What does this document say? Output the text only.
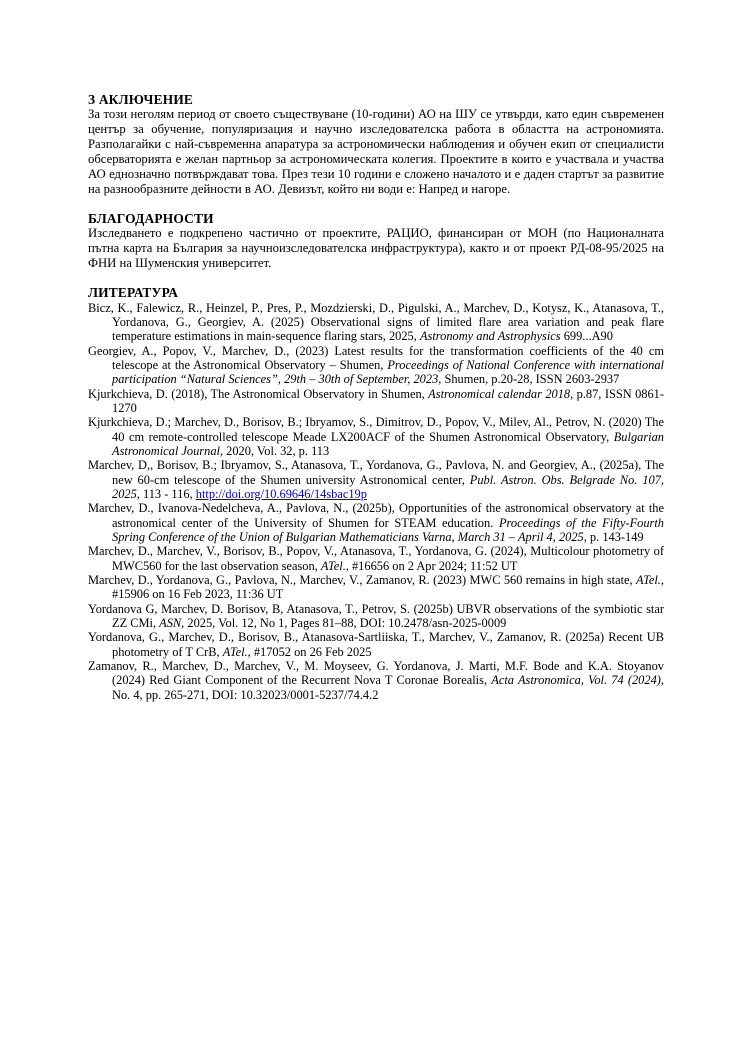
З АКЛЮЧЕНИЕ

За този неголям период от своето съществуване (10-години) АО на ШУ се утвърди, като един съвременен център за обучение, популяризация и научно изследователска работа в областта на астрономията. Разполагайки с най-съвременна апаратура за астрономически наблюдения и обучен екип от специалисти обсерваторията е желан партньор за астрономическата колегия. Проектите в които е участвала и участва АО еднозначно потвърждават това. През тези 10 години е сложено началото и е даден стартът за развитие на разнообразните дейности в АО. Девизът, който ни води е: Напред и нагоре.

БЛАГОДАРНОСТИ

Изследването е подкрепено частично от проектите, РАЦИО, финансиран от МОН (по Националната пътна карта на България за научноизследователска инфраструктура), както и от проект РД-08-95/2025 на ФНИ на Шуменския университет.

ЛИТЕРАТУРА

Bicz, K., Falewicz, R., Heinzel, P., Pres, P., Mozdzierski, D., Pigulski, A., Marchev, D., Kotysz, K., Atanasova, T., Yordanova, G., Georgiev, A. (2025) Observational signs of limited flare area variation and peak flare temperature estimations in main-sequence flaring stars, 2025, Astronomy and Astrophysics 699...A90

Georgiev, A., Popov, V., Marchev, D., (2023) Latest results for the transformation coefficients of the 40 cm telescope at the Astronomical Observatory – Shumen, Proceedings of National Conference with international participation “Natural Sciences”, 29th – 30th of September, 2023, Shumen, p.20-28, ISSN 2603-2937

Kjurkchieva, D. (2018), The Astronomical Observatory in Shumen, Astronomical calendar 2018, p.87, ISSN 0861-1270

Kjurkchieva, D.; Marchev, D., Borisov, B.; Ibryamov, S., Dimitrov, D., Popov, V., Milev, Al., Petrov, N. (2020) The 40 cm remote-controlled telescope Meade LX200ACF of the Shumen Astronomical Observatory, Bulgarian Astronomical Journal, 2020, Vol. 32, p. 113

Marchev, D,, Borisov, B.; Ibryamov, S., Atanasova, T., Yordanova, G., Pavlova, N. and Georgiev, A., (2025a), The new 60-cm telescope of the Shumen university Astronomical center, Publ. Astron. Obs. Belgrade No. 107, 2025, 113 - 116, http://doi.org/10.69646/14sbac19p

Marchev, D., Ivanova-Nedelcheva, A., Pavlova, N., (2025b), Opportunities of the astronomical observatory at the astronomical center of the University of Shumen for STEAM education. Proceedings of the Fifty-Fourth Spring Conference of the Union of Bulgarian Mathematicians Varna, March 31 – April 4, 2025, p. 143-149

Marchev, D., Marchev, V., Borisov, B., Popov, V., Atanasova, T., Yordanova, G. (2024), Multicolour photometry of MWC560 for the last observation season, ATel., #16656 on 2 Apr 2024; 11:52 UT

Marchev, D., Yordanova, G., Pavlova, N., Marchev, V., Zamanov, R. (2023) MWC 560 remains in high state, ATel., #15906 on 16 Feb 2023, 11:36 UT

Yordanova G, Marchev, D. Borisov, B, Atanasova, T., Petrov, S. (2025b) UBVR observations of the symbiotic star ZZ CMi, ASN, 2025, Vol. 12, No 1, Pages 81–88, DOI: 10.2478/asn-2025-0009

Yordanova, G., Marchev, D., Borisov, B., Atanasova-Sartliiska, T., Marchev, V., Zamanov, R. (2025a) Recent UB photometry of T CrB, ATel., #17052 on 26 Feb 2025

Zamanov, R., Marchev, D., Marchev, V., M. Moyseev, G. Yordanova, J. Marti, M.F. Bode and K.A. Stoyanov (2024) Red Giant Component of the Recurrent Nova T Coronae Borealis, Acta Astronomica, Vol. 74 (2024), No. 4, pp. 265-271, DOI: 10.32023/0001-5237/74.4.2
